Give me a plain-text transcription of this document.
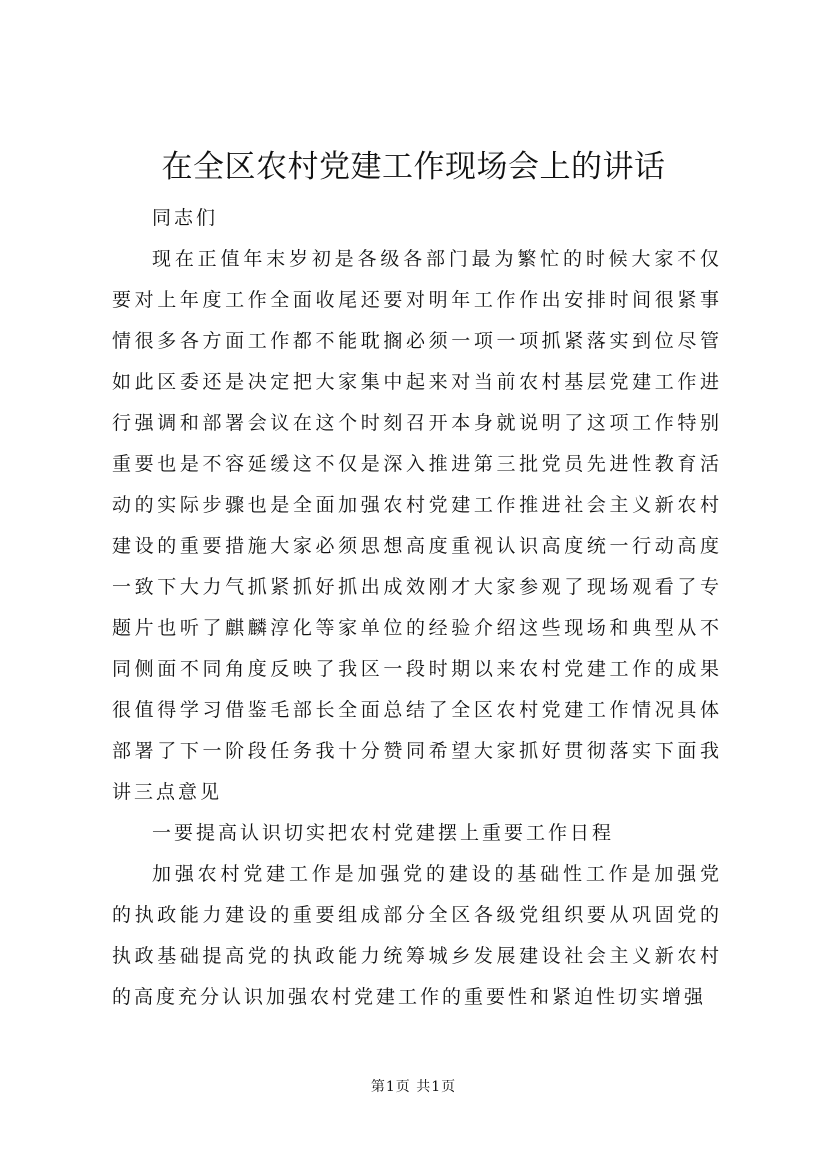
在全区农村党建工作现场会上的讲话

同志们

现在正值年末岁初是各级各部门最为繁忙的时候大家不仅要对上年度工作全面收尾还要对明年工作作出安排时间很紧事情很多各方面工作都不能耽搁必须一项一项抓紧落实到位尽管如此区委还是决定把大家集中起来对当前农村基层党建工作进行强调和部署会议在这个时刻召开本身就说明了这项工作特别重要也是不容延缓这不仅是深入推进第三批党员先进性教育活动的实际步骤也是全面加强农村党建工作推进社会主义新农村建设的重要措施大家必须思想高度重视认识高度统一行动高度一致下大力气抓紧抓好抓出成效刚才大家参观了现场观看了专题片也听了麒麟淳化等家单位的经验介绍这些现场和典型从不同侧面不同角度反映了我区一段时期以来农村党建工作的成果很值得学习借鉴毛部长全面总结了全区农村党建工作情况具体部署了下一阶段任务我十分赞同希望大家抓好贯彻落实下面我讲三点意见

一要提高认识切实把农村党建摆上重要工作日程

加强农村党建工作是加强党的建设的基础性工作是加强党的执政能力建设的重要组成部分全区各级党组织要从巩固党的执政基础提高党的执政能力统筹城乡发展建设社会主义新农村的高度充分认识加强农村党建工作的重要性和紧迫性切实增强

第1页 共1页
